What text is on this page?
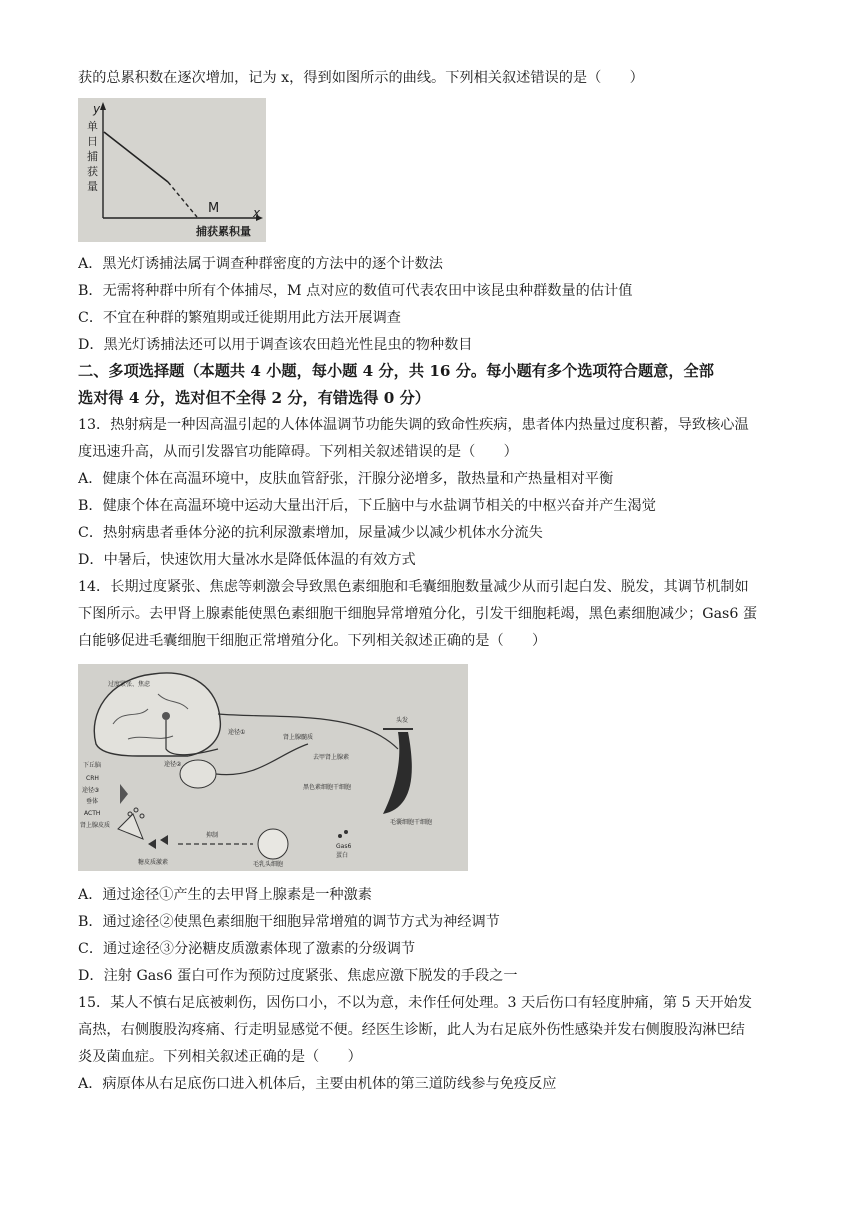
获的总累积数在逐次增加，记为 x，得到如图所示的曲线。下列相关叙述错误的是（　　）
y
单
日
捕
获
量
M	x
捕获累积量
A．黑光灯诱捕法属于调查种群密度的方法中的逐个计数法
B．无需将种群中所有个体捕尽，M 点对应的数值可代表农田中该昆虫种群数量的估计值
C．不宜在种群的繁殖期或迁徙期用此方法开展调查
D．黑光灯诱捕法还可以用于调查该农田趋光性昆虫的物种数目
二、多项选择题（本题共 4 小题，每小题 4 分，共 16 分。每小题有多个选项符合题意，全部
选对得 4 分，选对但不全得 2 分，有错选得 0 分）
13．热射病是一种因高温引起的人体体温调节功能失调的致命性疾病，患者体内热量过度积蓄，导致核心温
度迅速升高，从而引发器官功能障碍。下列相关叙述错误的是（　　）
A．健康个体在高温环境中，皮肤血管舒张，汗腺分泌增多，散热量和产热量相对平衡
B．健康个体在高温环境中运动大量出汗后，下丘脑中与水盐调节相关的中枢兴奋并产生渴觉
C．热射病患者垂体分泌的抗利尿激素增加，尿量减少以减少机体水分流失
D．中暑后，快速饮用大量冰水是降低体温的有效方式
14．长期过度紧张、焦虑等刺激会导致黑色素细胞和毛囊细胞数量减少从而引起白发、脱发，其调节机制如
下图所示。去甲肾上腺素能使黑色素细胞干细胞异常增殖分化，引发干细胞耗竭，黑色素细胞减少；Gas6 蛋
白能够促进毛囊细胞干细胞正常增殖分化。下列相关叙述正确的是（　　）
过度紧张、焦虑
下丘脑
CRH
途径③
垂体
ACTH
肾上腺皮质
糖皮质激素
抑制
毛乳头细胞
Gas6
蛋白
途径①
肾上腺髓质
途径②
去甲肾上腺素
头发
黑色素细胞干细胞
毛囊细胞干细胞
A．通过途径①产生的去甲肾上腺素是一种激素
B．通过途径②使黑色素细胞干细胞异常增殖的调节方式为神经调节
C．通过途径③分泌糖皮质激素体现了激素的分级调节
D．注射 Gas6 蛋白可作为预防过度紧张、焦虑应激下脱发的手段之一
15．某人不慎右足底被刺伤，因伤口小，不以为意，未作任何处理。3 天后伤口有轻度肿痛，第 5 天开始发
高热，右侧腹股沟疼痛、行走明显感觉不便。经医生诊断，此人为右足底外伤性感染并发右侧腹股沟淋巴结
炎及菌血症。下列相关叙述正确的是（　　）
A．病原体从右足底伤口进入机体后，主要由机体的第三道防线参与免疫反应
